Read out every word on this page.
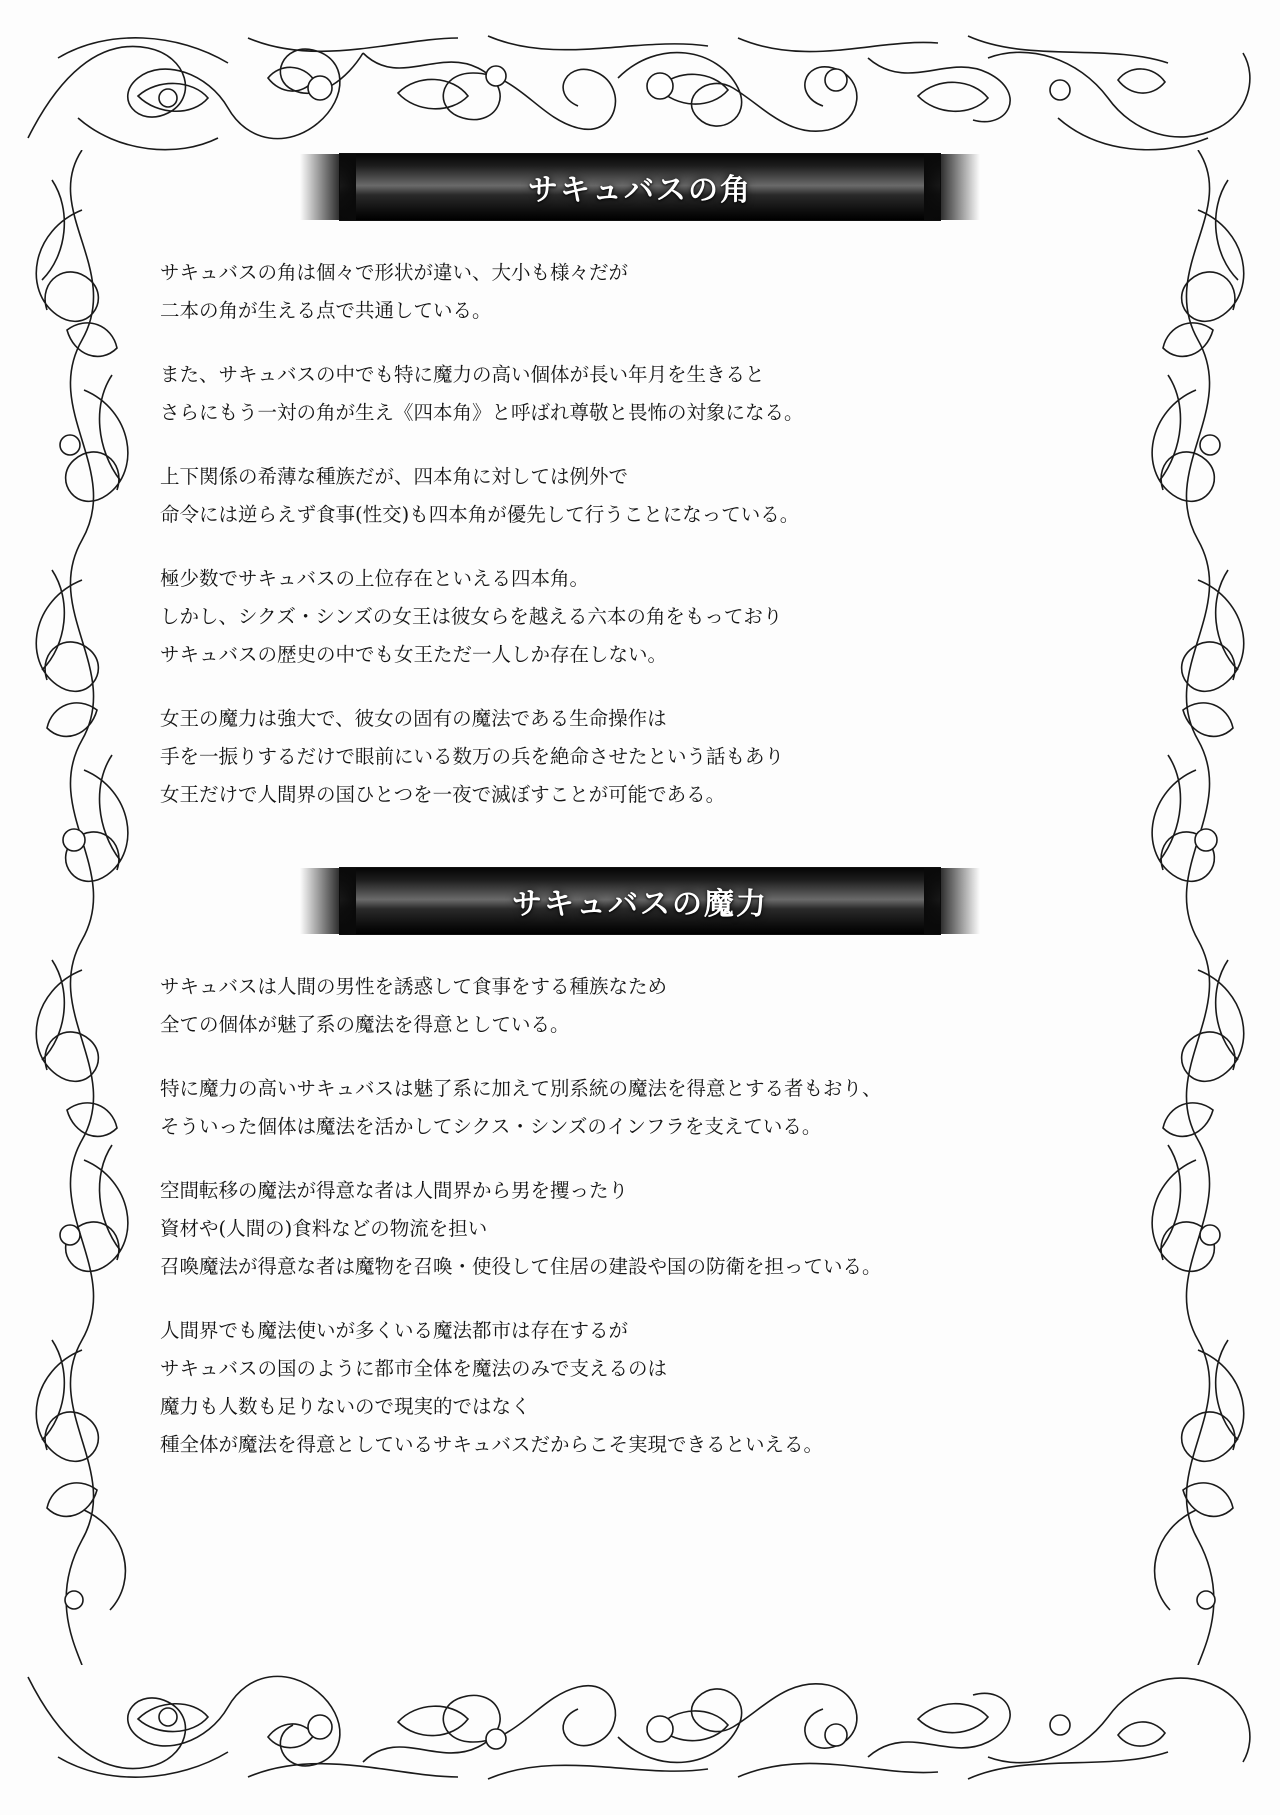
サキュバスの角

サキュバスの角は個々で形状が違い、大小も様々だが
二本の角が生える点で共通している。

また、サキュバスの中でも特に魔力の高い個体が長い年月を生きると
さらにもう一対の角が生え《四本角》と呼ばれ尊敬と畏怖の対象になる。

上下関係の希薄な種族だが、四本角に対しては例外で
命令には逆らえず食事(性交)も四本角が優先して行うことになっている。

極少数でサキュバスの上位存在といえる四本角。
しかし、シクズ・シンズの女王は彼女らを越える六本の角をもっており
サキュバスの歴史の中でも女王ただ一人しか存在しない。

女王の魔力は強大で、彼女の固有の魔法である生命操作は
手を一振りするだけで眼前にいる数万の兵を絶命させたという話もあり
女王だけで人間界の国ひとつを一夜で滅ぼすことが可能である。

サキュバスの魔力

サキュバスは人間の男性を誘惑して食事をする種族なため
全ての個体が魅了系の魔法を得意としている。

特に魔力の高いサキュバスは魅了系に加えて別系統の魔法を得意とする者もおり、
そういった個体は魔法を活かしてシクス・シンズのインフラを支えている。

空間転移の魔法が得意な者は人間界から男を攫ったり
資材や(人間の)食料などの物流を担い
召喚魔法が得意な者は魔物を召喚・使役して住居の建設や国の防衛を担っている。

人間界でも魔法使いが多くいる魔法都市は存在するが
サキュバスの国のように都市全体を魔法のみで支えるのは
魔力も人数も足りないので現実的ではなく
種全体が魔法を得意としているサキュバスだからこそ実現できるといえる。
